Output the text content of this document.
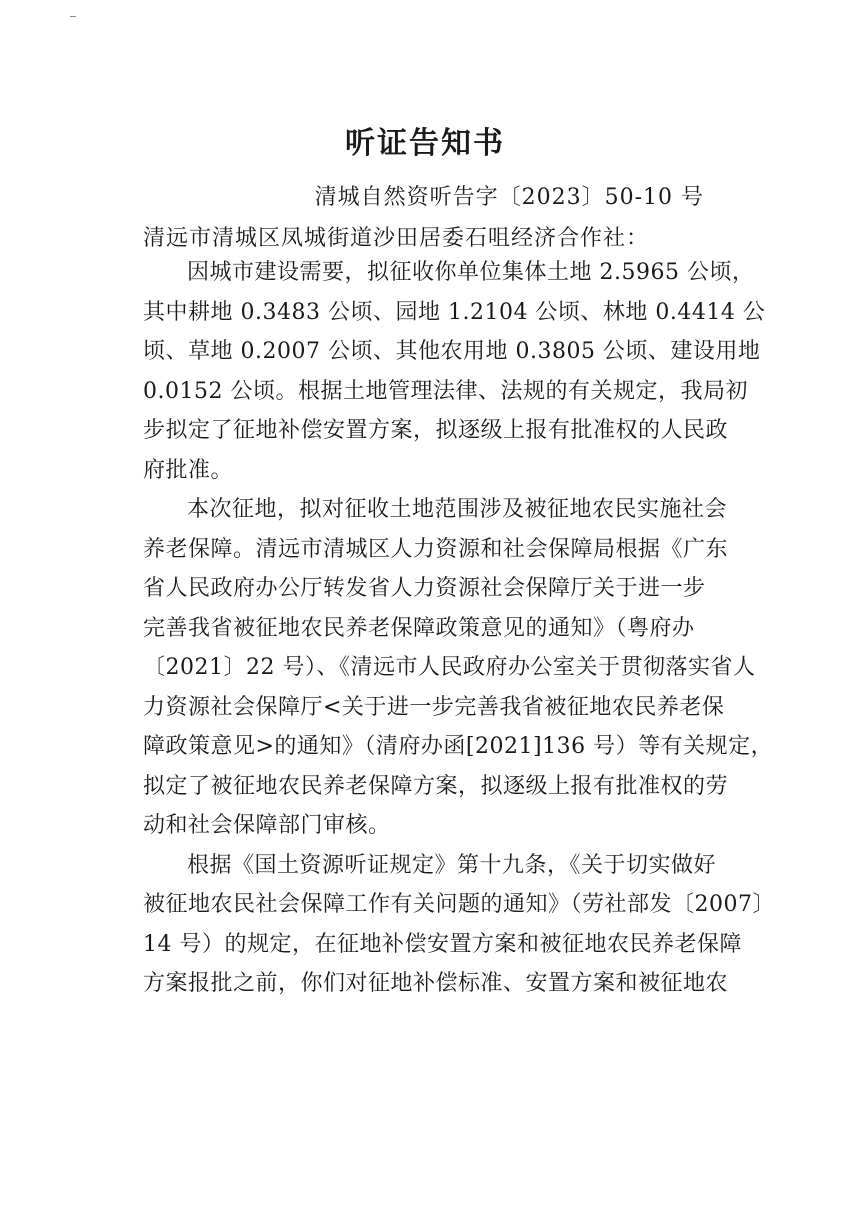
听证告知书
清城自然资听告字〔2023〕50-10 号
清远市清城区凤城街道沙田居委石咀经济合作社：

因城市建设需要，拟征收你单位集体土地 2.5965 公顷，
其中耕地 0.3483 公顷、园地 1.2104 公顷、林地 0.4414 公
顷、草地 0.2007 公顷、其他农用地 0.3805 公顷、建设用地
0.0152 公顷。根据土地管理法律、法规的有关规定，我局初
步拟定了征地补偿安置方案，拟逐级上报有批准权的人民政
府批准。

本次征地，拟对征收土地范围涉及被征地农民实施社会
养老保障。清远市清城区人力资源和社会保障局根据《广东
省人民政府办公厅转发省人力资源社会保障厅关于进一步
完善我省被征地农民养老保障政策意见的通知》（粤府办
〔2021〕22 号）、《清远市人民政府办公室关于贯彻落实省人
力资源社会保障厅<关于进一步完善我省被征地农民养老保
障政策意见>的通知》（清府办函[2021]136 号）等有关规定，
拟定了被征地农民养老保障方案，拟逐级上报有批准权的劳
动和社会保障部门审核。

根据《国土资源听证规定》第十九条，《关于切实做好
被征地农民社会保障工作有关问题的通知》（劳社部发〔2007〕
14 号）的规定，在征地补偿安置方案和被征地农民养老保障
方案报批之前，你们对征地补偿标准、安置方案和被征地农
